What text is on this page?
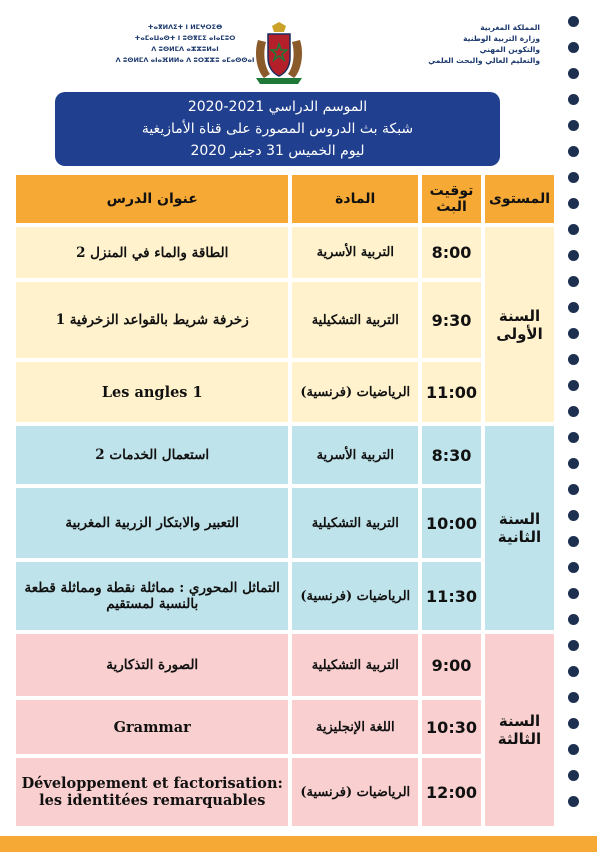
ⵜⴰⴳⵍⴷⵉⵜ ⵏ ⵍⵎⵖⵔⵉⴱ
ⵜⴰⵎⴰⵡⴰⵙⵜ ⵏ ⵓⵙⴳⵎⵉ ⴰⵏⴰⵎⵓⵔ
ⴷ ⵓⵙⵍⵎⴷ ⴰⵣⵣⵓⵍⴰⵏ
ⴷ ⵓⵙⵍⵎⴷ ⴰⵏⴰⴼⵍⵍⴰ ⴷ ⵓⵔⵣⵣⵓ ⴰⵎⴰⵙⵙⴰⵏ
المملكة المغربية
وزارة التربية الوطنية
والتكوين المهني
والتعليم العالي والبحث العلمي
الموسم الدراسي 2021-2020
شبكة بث الدروس المصورة على قناة الأمازيغية
ليوم الخميس 31 دجنبر 2020
المستوى	توقيت البث	المادة	عنوان الدرس
السنة الأولى	8:00	التربية الأسرية	الطاقة والماء في المنزل 2
	9:30	التربية التشكيلية	زخرفة شريط بالقواعد الزخرفية 1
	11:00	الرياضيات (فرنسية)	Les angles 1
السنة الثانية	8:30	التربية الأسرية	استعمال الخدمات 2
	10:00	التربية التشكيلية	التعبير والابتكار الزربية المغربية
	11:30	الرياضيات (فرنسية)	التماثل المحوري : مماثلة نقطة ومماثلة قطعة بالنسبة لمستقيم
السنة الثالثة	9:00	التربية التشكيلية	الصورة التذكارية
	10:30	اللغة الإنجليزية	Grammar
	12:00	الرياضيات (فرنسية)	Développement et factorisation: les identitées remarquables
